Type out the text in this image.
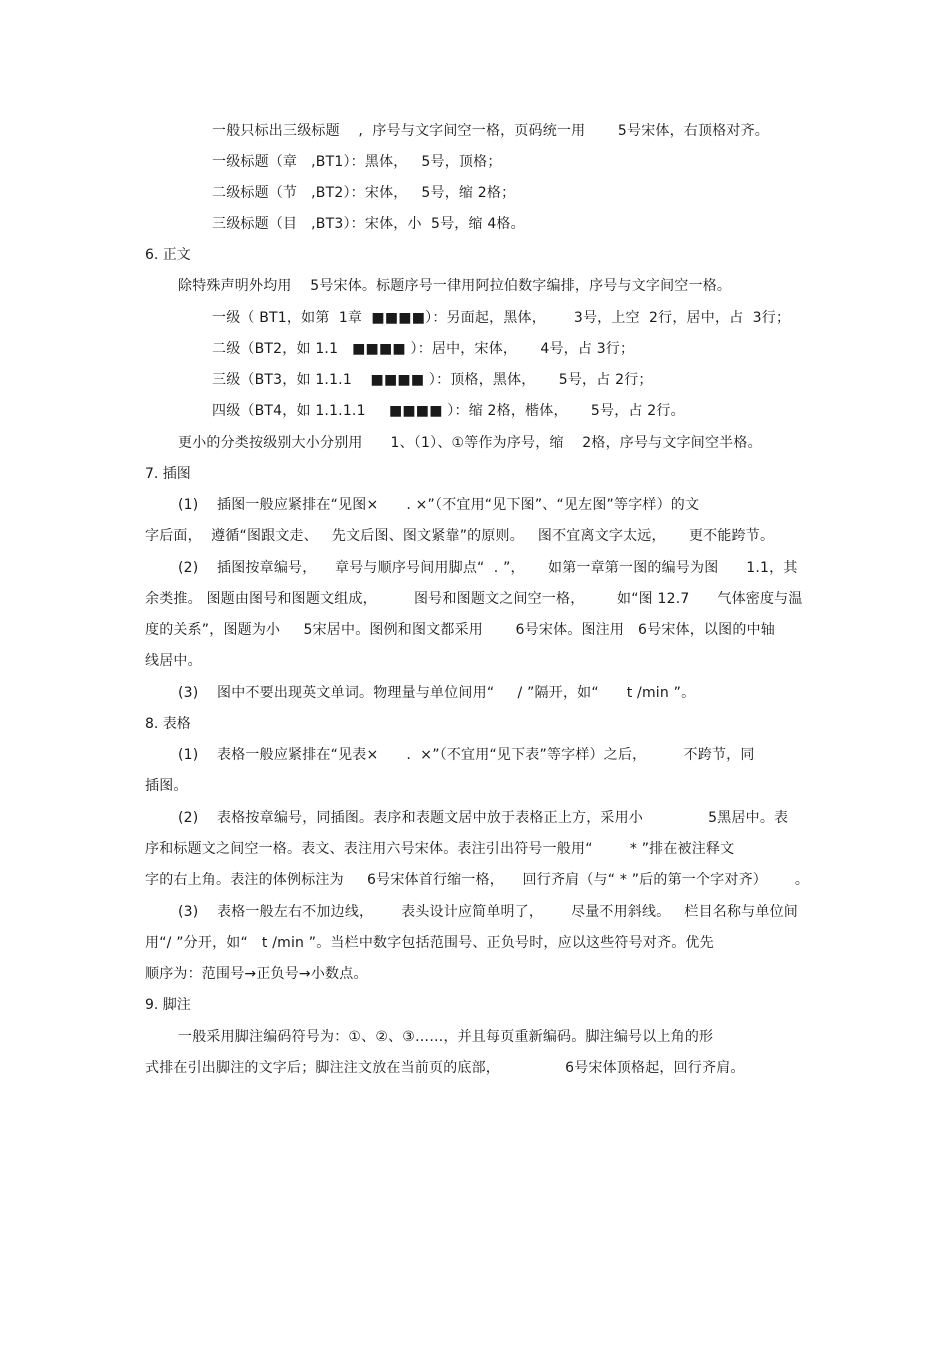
一般只标出三级标题    ,  序号与文字间空一格，页码统一用       5号宋体，右顶格对齐。
一级标题（章   ,BT1）：黑体，   5号，顶格；
二级标题（节   ,BT2）：宋体，   5号，缩 2格；
三级标题（目   ,BT3）：宋体，小  5号，缩 4格。
6. 正文
除特殊声明外均用    5号宋体。标题序号一律用阿拉伯数字编排，序号与文字间空一格。
一级（ BT1，如第  1章  ■■■■）：另面起，黑体，      3号，上空  2行，居中，占  3行；
二级（BT2，如 1.1   ■■■■ ）：居中，宋体，     4号，占 3行；
三级（BT3，如 1.1.1    ■■■■ ）：顶格，黑体，     5号，占 2行；
四级（BT4，如 1.1.1.1     ■■■■ ）：缩 2格，楷体，     5号，占 2行。
更小的分类按级别大小分别用      1、（1）、①等作为序号，缩    2格，序号与文字间空半格。
7. 插图
(1)    插图一般应紧排在“见图×      . ×”（不宜用“见下图”、“见左图”等字样）的文
字后面，  遵循“图跟文走、   先文后图、图文紧靠”的原则。   图不宜离文字太远，     更不能跨节。
(2)    插图按章编号，    章号与顺序号间用脚点“  . ”，     如第一章第一图的编号为图      1.1，其
余类推。 图题由图号和图题文组成，        图号和图题文之间空一格，       如“图 12.7      气体密度与温
度的关系”，图题为小     5宋居中。图例和图文都采用       6号宋体。图注用   6号宋体，以图的中轴
线居中。
(3)    图中不要出现英文单词。物理量与单位间用“     / ”隔开，如“      t /min ”。
8. 表格
(1)    表格一般应紧排在“见表×      .  ×”（不宜用“见下表”等字样）之后，        不跨节，同
插图。
(2)    表格按章编号，同插图。表序和表题文居中放于表格正上方，采用小              5黑居中。表
序和标题文之间空一格。表文、表注用六号宋体。表注引出符号一般用“        * ”排在被注释文
字的右上角。表注的体例标注为     6号宋体首行缩一格，    回行齐肩（与“ * ”后的第一个字对齐）      。
(3)    表格一般左右不加边线，      表头设计应简单明了，      尽量不用斜线。   栏目名称与单位间
用“/ ”分开，如“   t /min ”。当栏中数字包括范围号、正负号时，应以这些符号对齐。优先
顺序为：范围号→正负号→小数点。
9. 脚注
一般采用脚注编码符号为：①、②、③……，并且每页重新编码。脚注编号以上角的形
式排在引出脚注的文字后；脚注注文放在当前页的底部，              6号宋体顶格起，回行齐肩。
